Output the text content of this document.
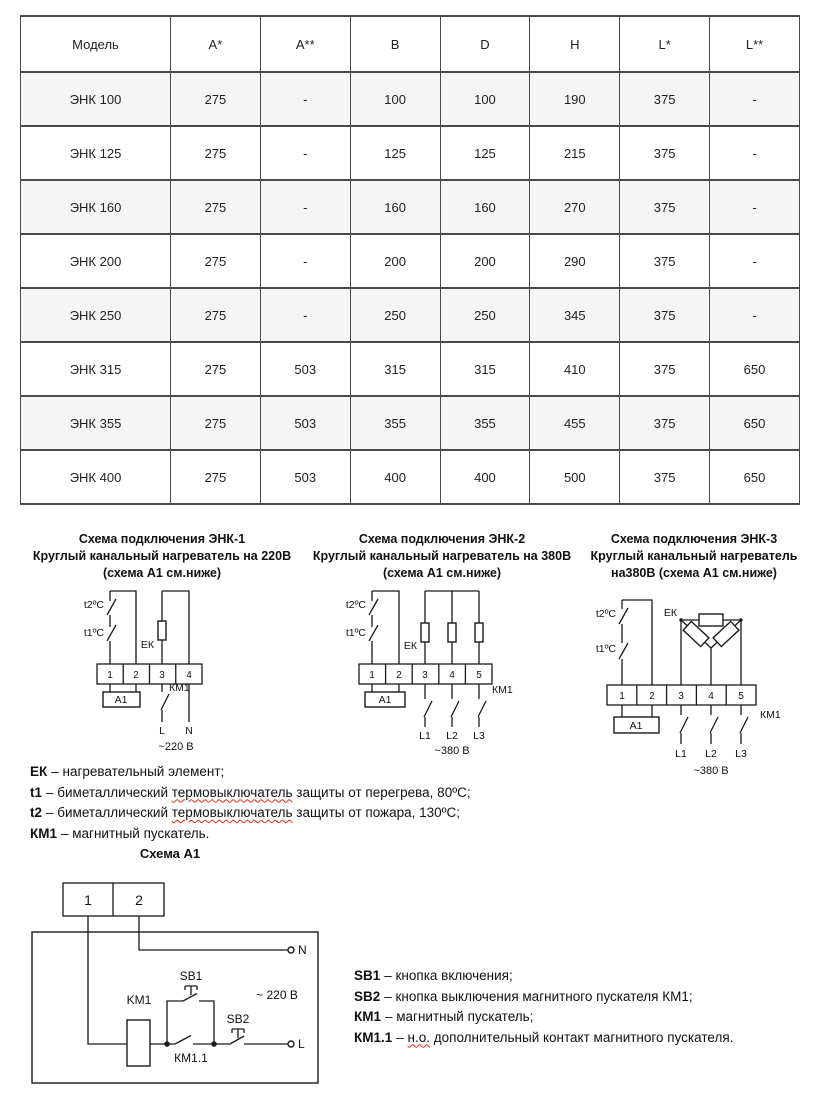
Модель	A*	A**	B	D	H	L*	L**
ЭНК 100	275	-	100	100	190	375	-
ЭНК 125	275	-	125	125	215	375	-
ЭНК 160	275	-	160	160	270	375	-
ЭНК 200	275	-	200	200	290	375	-
ЭНК 250	275	-	250	250	345	375	-
ЭНК 315	275	503	315	315	410	375	650
ЭНК 355	275	503	355	355	455	375	650
ЭНК 400	275	503	400	400	500	375	650
Схема подключения ЭНК-1
Круглый канальный нагреватель на 220В
(схема А1 см.ниже)
t2ºC
t1ºC
ЕК
1 2 3 4
А1
КМ1
L N
~220 В
Схема подключения ЭНК-2
Круглый канальный нагреватель на 380В
(схема А1 см.ниже)
t2ºC
t1ºC
ЕК
1 2 3 4 5
А1
КМ1
L1 L2 L3
~380 В
Схема подключения ЭНК-3
Круглый канальный нагреватель
на380В (схема А1 см.ниже)
t2ºC
t1ºC
ЕК
1 2 3 4 5
А1
КМ1
L1 L2 L3
~380 В
ЕК – нагревательный элемент;
t1 – биметаллический термовыключатель защиты от перегрева, 80ºС;
t2 – биметаллический термовыключатель защиты от пожара, 130ºС;
КМ1 – магнитный пускатель.
Схема А1
1	2
N
KM1
КМ1.1
SB1
SB2
L
~ 220 В
SB1 – кнопка включения;
SB2 – кнопка выключения магнитного пускателя КМ1;
КМ1 – магнитный пускатель;
КМ1.1 – н.о. дополнительный контакт магнитного пускателя.
